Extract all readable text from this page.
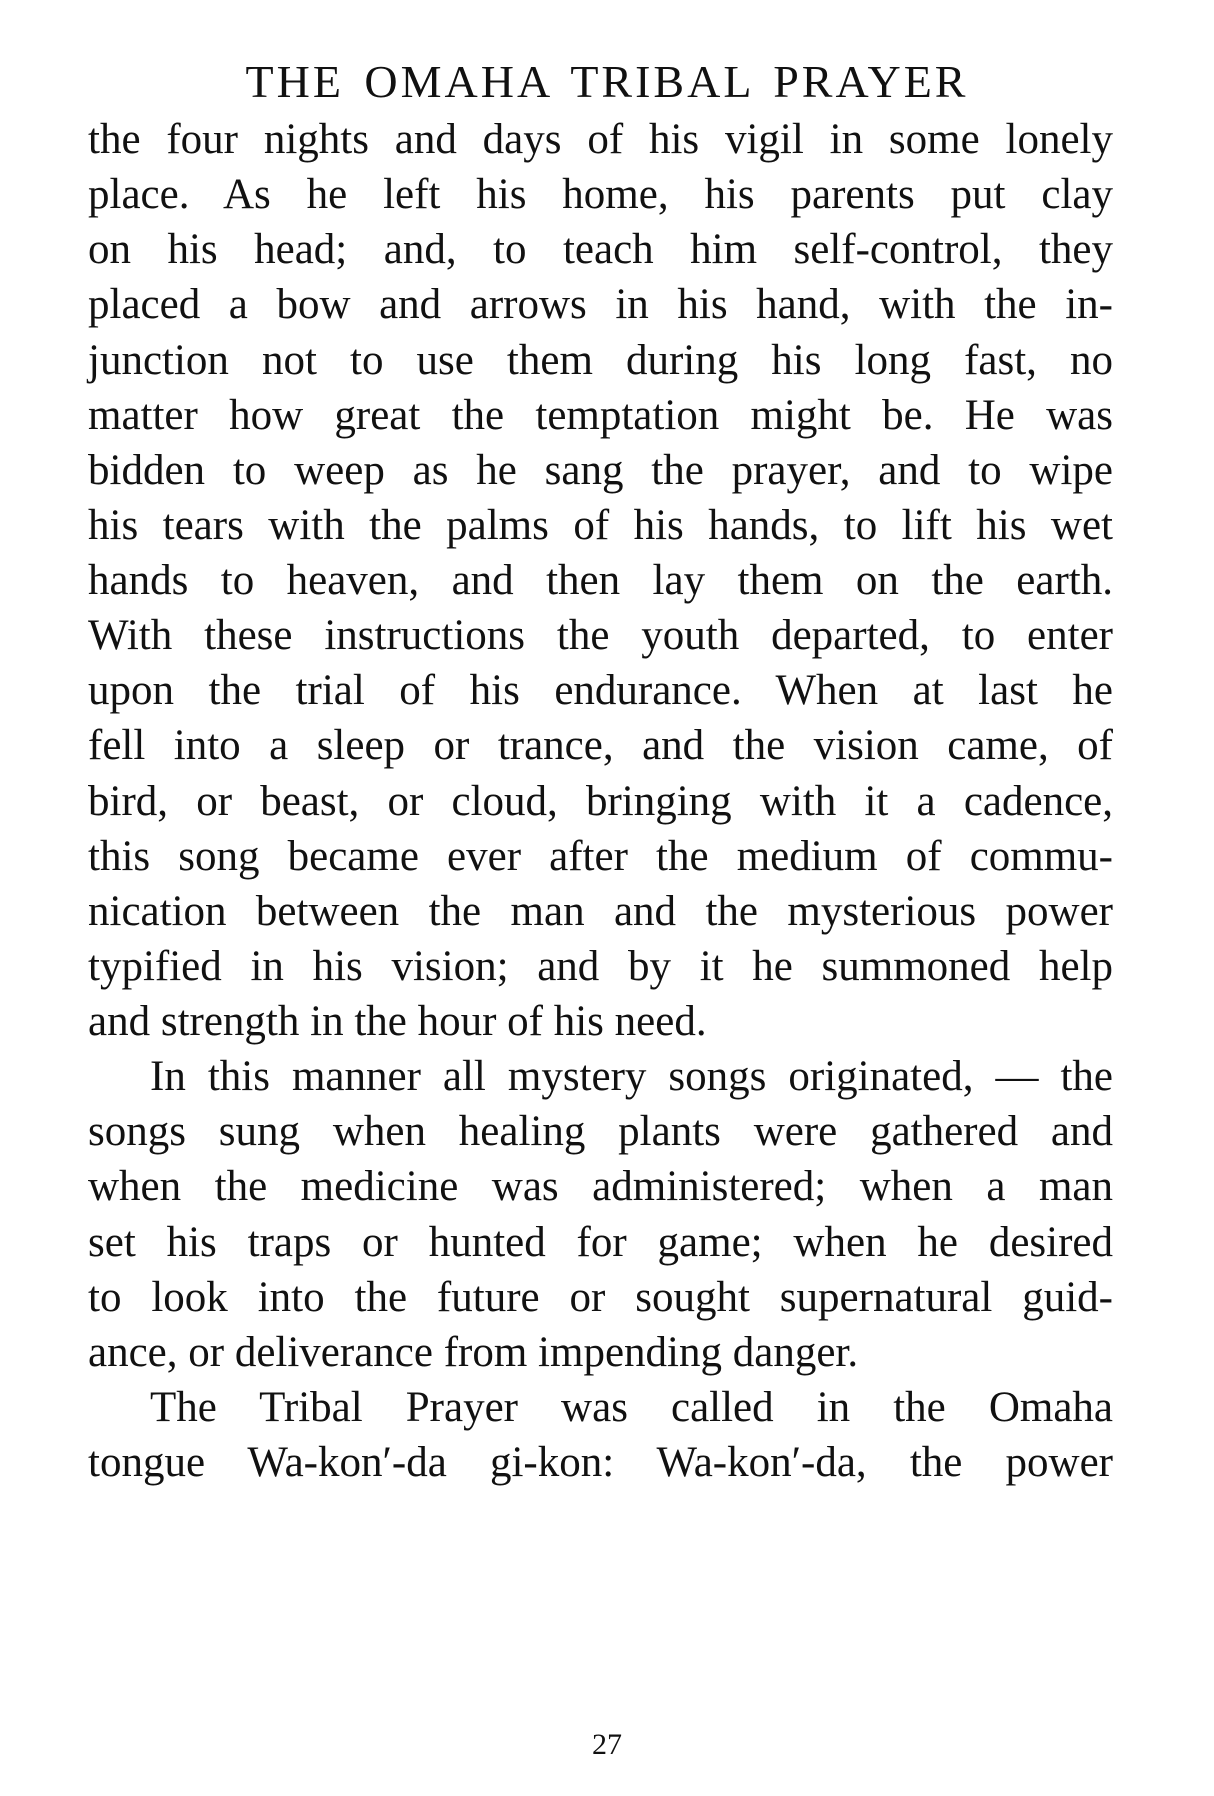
THE OMAHA TRIBAL PRAYER
the four nights and days of his vigil in some lonely
place. As he left his home, his parents put clay
on his head; and, to teach him self-control, they
placed a bow and arrows in his hand, with the in-
junction not to use them during his long fast, no
matter how great the temptation might be. He was
bidden to weep as he sang the prayer, and to wipe
his tears with the palms of his hands, to lift his wet
hands to heaven, and then lay them on the earth.
With these instructions the youth departed, to enter
upon the trial of his endurance. When at last he
fell into a sleep or trance, and the vision came, of
bird, or beast, or cloud, bringing with it a cadence,
this song became ever after the medium of commu-
nication between the man and the mysterious power
typified in his vision; and by it he summoned help
and strength in the hour of his need.
In this manner all mystery songs originated, — the
songs sung when healing plants were gathered and
when the medicine was administered; when a man
set his traps or hunted for game; when he desired
to look into the future or sought supernatural guid-
ance, or deliverance from impending danger.
The Tribal Prayer was called in the Omaha
tongue Wa-kon′-da gi-kon: Wa-kon′-da, the power
27
